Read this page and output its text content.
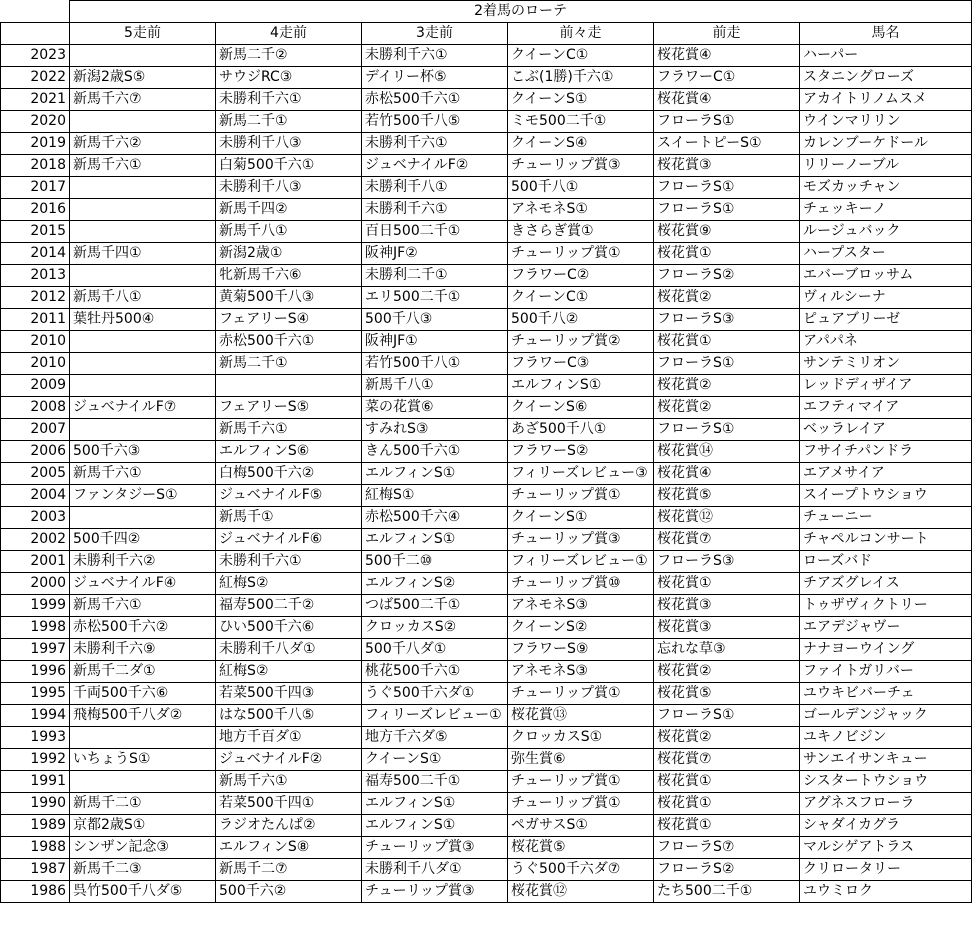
	2着馬のローテ					
	5走前	4走前	3走前	前々走	前走	馬名
2023		新馬二千②	未勝利千六①	クイーンC①	桜花賞④	ハーパー
2022	新潟2歳S⑤	サウジRC③	デイリー杯⑤	こぶ(1勝)千六①	フラワーC①	スタニングローズ
2021	新馬千六⑦	未勝利千六①	赤松500千六①	クイーンS①	桜花賞④	アカイトリノムスメ
2020		新馬二千①	若竹500千八⑤	ミモ500二千①	フローラS①	ウインマリリン
2019	新馬千六②	未勝利千八③	未勝利千六①	クイーンS④	スイートピーS①	カレンブーケドール
2018	新馬千六①	白菊500千六①	ジュベナイルF②	チューリップ賞③	桜花賞③	リリーノーブル
2017		未勝利千八③	未勝利千八①	500千八①	フローラS①	モズカッチャン
2016		新馬千四②	未勝利千六①	アネモネS①	フローラS①	チェッキーノ
2015		新馬千八①	百日500二千①	きさらぎ賞①	桜花賞⑨	ルージュバック
2014	新馬千四①	新潟2歳①	阪神JF②	チューリップ賞①	桜花賞①	ハープスター
2013		牝新馬千六⑥	未勝利二千①	フラワーC②	フローラS②	エバーブロッサム
2012	新馬千八①	黄菊500千八③	エリ500二千①	クイーンC①	桜花賞②	ヴィルシーナ
2011	葉牡丹500④	フェアリーS④	500千八③	500千八②	フローラS③	ピュアブリーゼ
2010		赤松500千六①	阪神JF①	チューリップ賞②	桜花賞①	アパパネ
2010		新馬二千①	若竹500千八①	フラワーC③	フローラS①	サンテミリオン
2009			新馬千八①	エルフィンS①	桜花賞②	レッドディザイア
2008	ジュベナイルF⑦	フェアリーS⑤	菜の花賞⑥	クイーンS⑥	桜花賞②	エフティマイア
2007		新馬千六①	すみれS③	あざ500千八①	フローラS①	ベッラレイア
2006	500千六③	エルフィンS⑥	きん500千六①	フラワーS②	桜花賞⑭	フサイチパンドラ
2005	新馬千六①	白梅500千六②	エルフィンS①	フィリーズレビュー③	桜花賞④	エアメサイア
2004	ファンタジーS①	ジュベナイルF⑤	紅梅S①	チューリップ賞①	桜花賞⑤	スイープトウショウ
2003		新馬千①	赤松500千六④	クイーンS①	桜花賞⑫	チューニー
2002	500千四②	ジュベナイルF⑥	エルフィンS①	チューリップ賞③	桜花賞⑦	チャペルコンサート
2001	未勝利千六②	未勝利千六①	500千二⑩	フィリーズレビュー①	フローラS③	ローズバド
2000	ジュベナイルF④	紅梅S②	エルフィンS②	チューリップ賞⑩	桜花賞①	チアズグレイス
1999	新馬千六①	福寿500二千②	つば500二千①	アネモネS③	桜花賞③	トゥザヴィクトリー
1998	赤松500千六②	ひい500千六⑥	クロッカスS②	クイーンS②	桜花賞③	エアデジャヴー
1997	未勝利千六⑨	未勝利千八ダ①	500千八ダ①	フラワーS⑨	忘れな草③	ナナヨーウイング
1996	新馬千二ダ①	紅梅S②	桃花500千六①	アネモネS③	桜花賞②	ファイトガリバー
1995	千両500千六⑥	若菜500千四③	うぐ500千六ダ①	チューリップ賞①	桜花賞⑤	ユウキビバーチェ
1994	飛梅500千八ダ②	はな500千八⑤	フィリーズレビュー①	桜花賞⑬	フローラS①	ゴールデンジャック
1993		地方千百ダ①	地方千六ダ⑤	クロッカスS①	桜花賞②	ユキノビジン
1992	いちょうS①	ジュベナイルF②	クイーンS①	弥生賞⑥	桜花賞⑦	サンエイサンキュー
1991		新馬千六①	福寿500二千①	チューリップ賞①	桜花賞①	シスタートウショウ
1990	新馬千二①	若菜500千四①	エルフィンS①	チューリップ賞①	桜花賞①	アグネスフローラ
1989	京都2歳S①	ラジオたんぱ②	エルフィンS①	ペガサスS①	桜花賞①	シャダイカグラ
1988	シンザン記念③	エルフィンS⑧	チューリップ賞③	桜花賞⑤	フローラS⑦	マルシゲアトラス
1987	新馬千二③	新馬千二⑦	未勝利千八ダ①	うぐ500千六ダ⑦	フローラS②	クリロータリー
1986	呉竹500千八ダ⑤	500千六②	チューリップ賞③	桜花賞⑫	たち500二千①	ユウミロク
